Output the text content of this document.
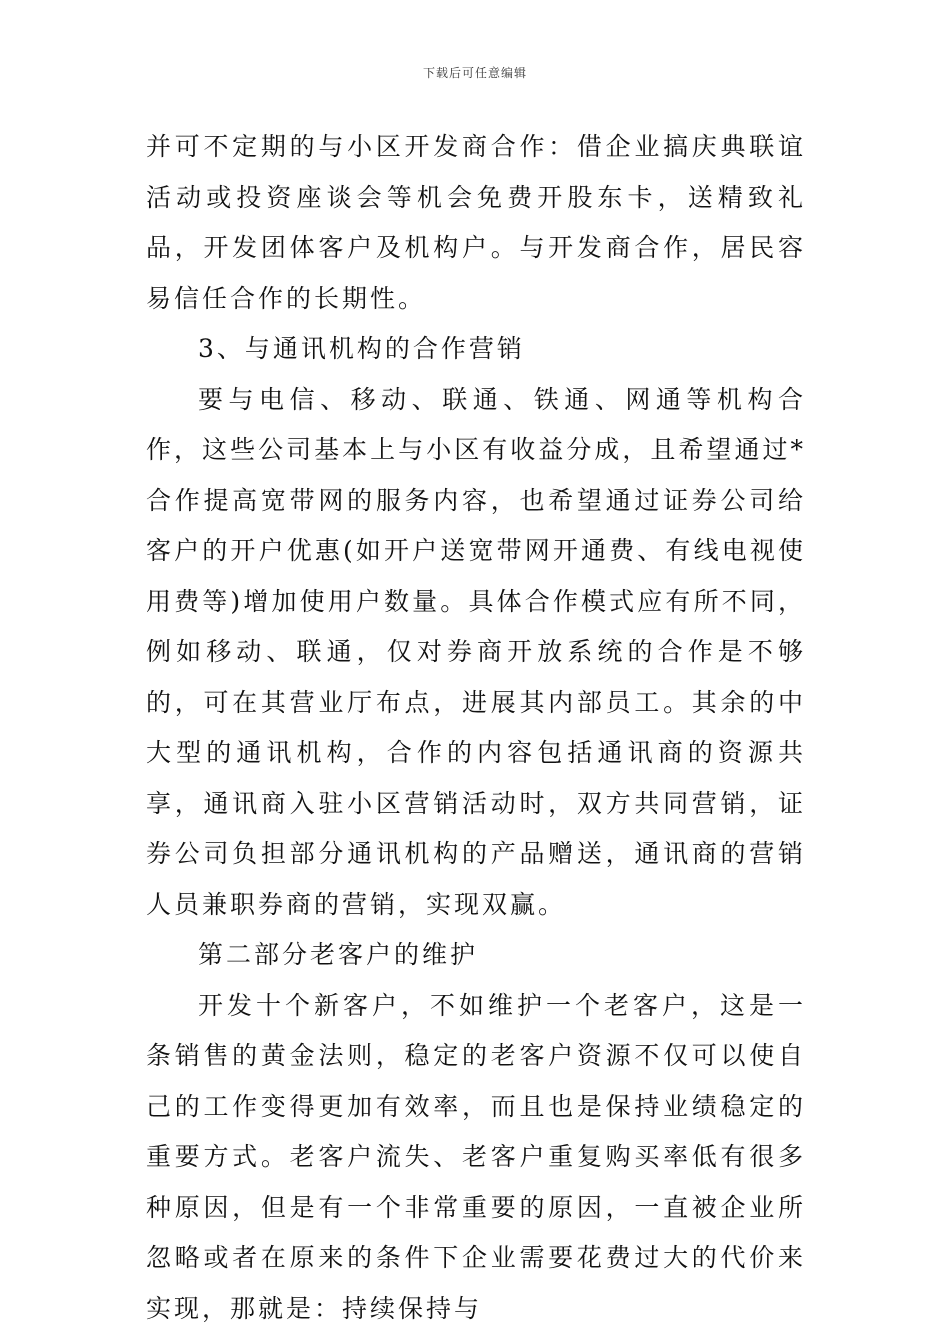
下载后可任意编辑

并可不定期的与小区开发商合作：借企业搞庆典联谊活动或投资座谈会等机会免费开股东卡，送精致礼品，开发团体客户及机构户。与开发商合作，居民容易信任合作的长期性。

3、与通讯机构的合作营销

要与电信、移动、联通、铁通、网通等机构合作，这些公司基本上与小区有收益分成，且希望通过*合作提高宽带网的服务内容，也希望通过证券公司给客户的开户优惠(如开户送宽带网开通费、有线电视使用费等)增加使用户数量。具体合作模式应有所不同，例如移动、联通，仅对券商开放系统的合作是不够的，可在其营业厅布点，进展其内部员工。其余的中大型的通讯机构，合作的内容包括通讯商的资源共享，通讯商入驻小区营销活动时，双方共同营销，证券公司负担部分通讯机构的产品赠送，通讯商的营销人员兼职券商的营销，实现双赢。

第二部分老客户的维护

开发十个新客户，不如维护一个老客户，这是一条销售的黄金法则，稳定的老客户资源不仅可以使自己的工作变得更加有效率，而且也是保持业绩稳定的重要方式。老客户流失、老客户重复购买率低有很多种原因，但是有一个非常重要的原因，一直被企业所忽略或者在原来的条件下企业需要花费过大的代价来实现，那就是：持续保持与
